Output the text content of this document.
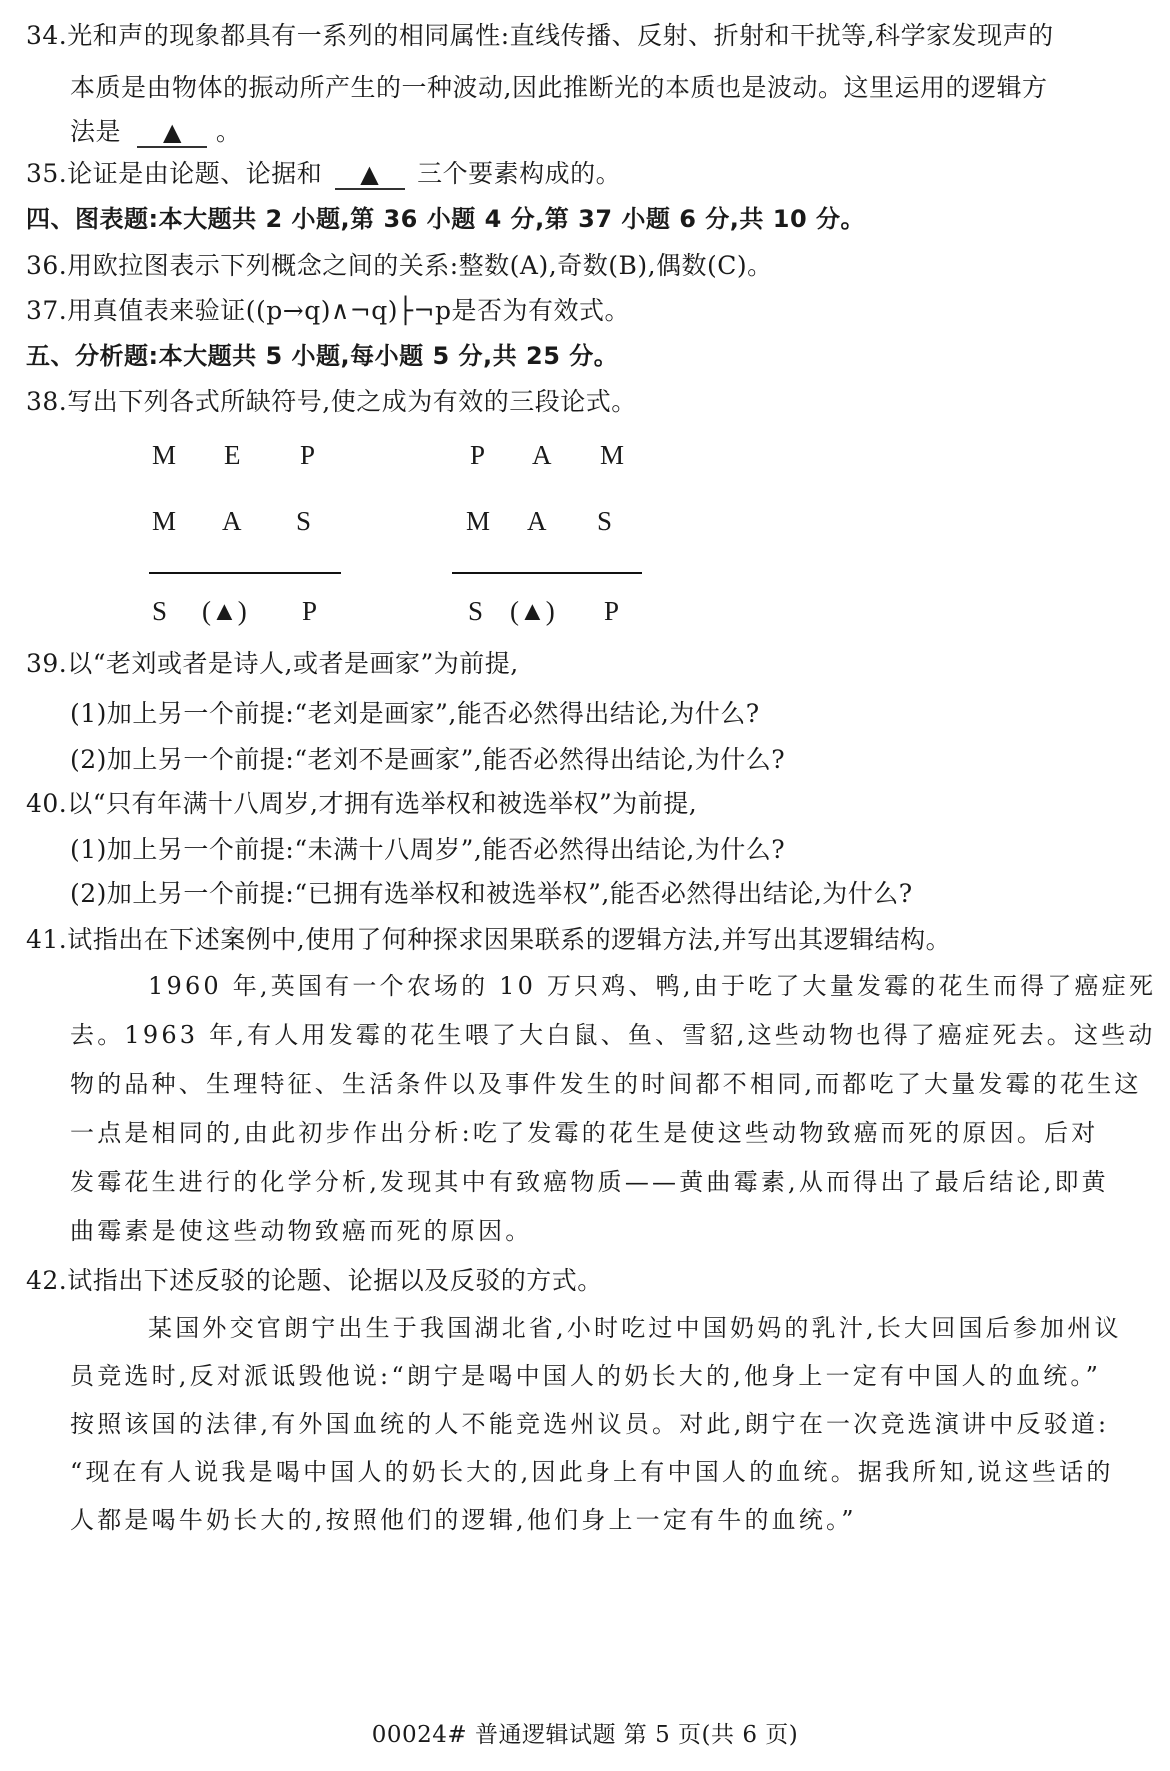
34.光和声的现象都具有一系列的相同属性:直线传播、反射、折射和干扰等,科学家发现声的
本质是由物体的振动所产生的一种波动,因此推断光的本质也是波动。这里运用的逻辑方
法是 ▲ 。
35.论证是由论题、论据和 ▲ 三个要素构成的。
四、图表题:本大题共 2 小题,第 36 小题 4 分,第 37 小题 6 分,共 10 分。
36.用欧拉图表示下列概念之间的关系:整数(A),奇数(B),偶数(C)。
37.用真值表来验证((p→q)∧¬q)├¬p是否为有效式。
五、分析题:本大题共 5 小题,每小题 5 分,共 25 分。
38.写出下列各式所缺符号,使之成为有效的三段论式。
M E P
M A S
S (▲) P
P A M
M A S
S (▲) P
39.以“老刘或者是诗人,或者是画家”为前提,
(1)加上另一个前提:“老刘是画家”,能否必然得出结论,为什么?
(2)加上另一个前提:“老刘不是画家”,能否必然得出结论,为什么?
40.以“只有年满十八周岁,才拥有选举权和被选举权”为前提,
(1)加上另一个前提:“未满十八周岁”,能否必然得出结论,为什么?
(2)加上另一个前提:“已拥有选举权和被选举权”,能否必然得出结论,为什么?
41.试指出在下述案例中,使用了何种探求因果联系的逻辑方法,并写出其逻辑结构。
1960 年,英国有一个农场的 10 万只鸡、鸭,由于吃了大量发霉的花生而得了癌症死
去。1963 年,有人用发霉的花生喂了大白鼠、鱼、雪貂,这些动物也得了癌症死去。这些动
物的品种、生理特征、生活条件以及事件发生的时间都不相同,而都吃了大量发霉的花生这
一点是相同的,由此初步作出分析:吃了发霉的花生是使这些动物致癌而死的原因。后对
发霉花生进行的化学分析,发现其中有致癌物质——黄曲霉素,从而得出了最后结论,即黄
曲霉素是使这些动物致癌而死的原因。
42.试指出下述反驳的论题、论据以及反驳的方式。
某国外交官朗宁出生于我国湖北省,小时吃过中国奶妈的乳汁,长大回国后参加州议
员竞选时,反对派诋毁他说:“朗宁是喝中国人的奶长大的,他身上一定有中国人的血统。”
按照该国的法律,有外国血统的人不能竞选州议员。对此,朗宁在一次竞选演讲中反驳道:
“现在有人说我是喝中国人的奶长大的,因此身上有中国人的血统。据我所知,说这些话的
人都是喝牛奶长大的,按照他们的逻辑,他们身上一定有牛的血统。”
00024# 普通逻辑试题 第 5 页(共 6 页)
